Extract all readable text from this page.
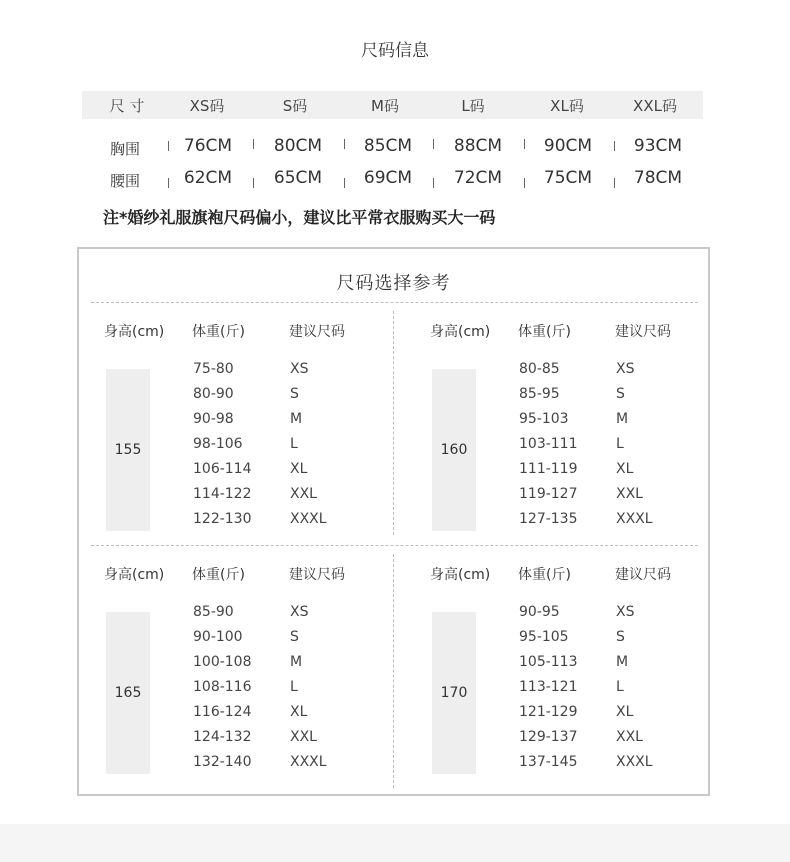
尺码信息
尺 寸	XS码	S码	M码	L码	XL码	XXL码
胸围	76CM 80CM 85CM 88CM 90CM 93CM
腰围	62CM 65CM 69CM 72CM 75CM 78CM
注*婚纱礼服旗袍尺码偏小，建议比平常衣服购买大一码
尺码选择参考
身高(cm) 体重(斤)	建议尺码
155
75-80	XS
80-90	S
90-98	M
98-106	L
106-114	XL
114-122	XXL
122-130	XXXL
身高(cm) 体重(斤)	建议尺码
160
80-85	XS
85-95	S
95-103	M
103-111	L
111-119	XL
119-127	XXL
127-135	XXXL
身高(cm) 体重(斤)	建议尺码
165
85-90	XS
90-100	S
100-108	M
108-116	L
116-124	XL
124-132	XXL
132-140	XXXL
身高(cm) 体重(斤)	建议尺码
170
90-95	XS
95-105	S
105-113	M
113-121	L
121-129	XL
129-137	XXL
137-145	XXXL
